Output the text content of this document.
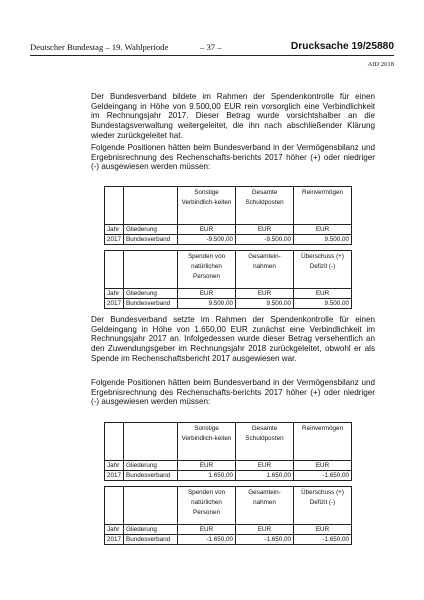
Deutscher Bundestag – 19. Wahlperiode	– 37 –	Drucksache 19/25880
AfD 2018

Der Bundesverband bildete im Rahmen der Spendenkontrolle für einen Geldeingang in Höhe von 9.500,00 EUR rein vorsorglich eine Verbindlichkeit im Rechnungsjahr 2017. Dieser Betrag wurde vorsichtshalber an die Bundestagsverwaltung weitergeleitet, die ihn nach abschließender Klärung wieder zurückgeleitet hat.

Folgende Positionen hätten beim Bundesverband in der Vermögensbilanz und Ergebnisrechnung des Rechenschafts-berichts 2017 höher (+) oder niedriger (-) ausgewiesen werden müssen:

		Sonstige Verbindlich-keiten	Gesamte Schuldposten	Reinvermögen
Jahr	Gliederung	EUR	EUR	EUR
2017	Bundesverband	-9.500,00	-9.500,00	9.500,00
		Spenden von natürlichen Personen	Gesamtein-nahmen	Überschuss (+) Defizit (-)
Jahr	Gliederung	EUR	EUR	EUR
2017	Bundesverband	9.500,00	9.500,00	9.500,00

Der Bundesverband setzte im Rahmen der Spendenkontrolle für einen Geldeingang in Höhe von 1.650,00 EUR zunächst eine Verbindlichkeit im Rechnungsjahr 2017 an. Infolgedessen wurde dieser Betrag versehentlich an den Zuwendungsgeber im Rechnungsjahr 2018 zurückgeleitet, obwohl er als Spende im Rechenschaftsbericht 2017 ausgewiesen war.

Folgende Positionen hätten beim Bundesverband in der Vermögensbilanz und Ergebnisrechnung des Rechenschafts-berichts 2017 höher (+) oder niedriger (-) ausgewiesen werden müssen:

		Sonstige Verbindlich-keiten	Gesamte Schuldposten	Reinvermögen
Jahr	Gliederung	EUR	EUR	EUR
2017	Bundesverband	1.650,00	1.650,00	-1.650,00
		Spenden von natürlichen Personen	Gesamtein-nahmen	Überschuss (+) Defizit (-)
Jahr	Gliederung	EUR	EUR	EUR
2017	Bundesverband	-1.650,00	-1.650,00	-1.650,00
